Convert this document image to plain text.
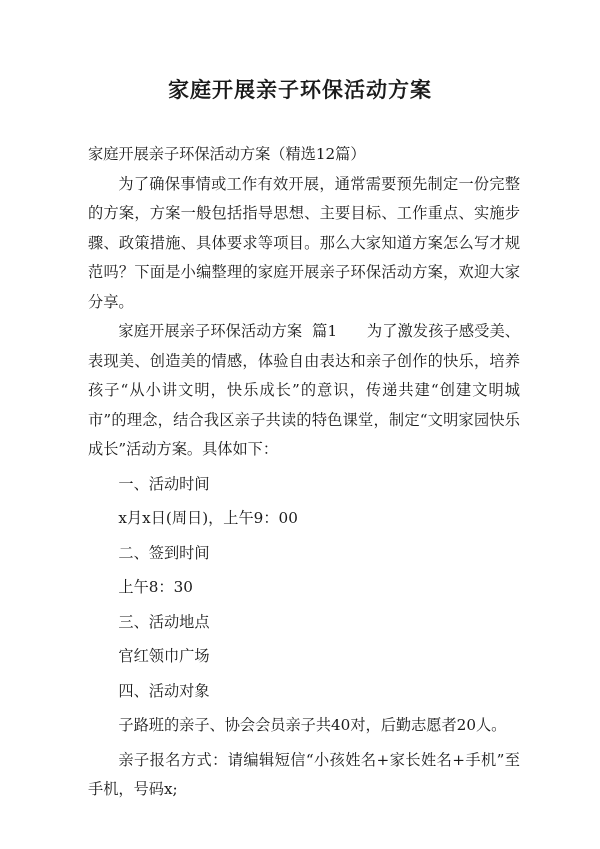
家庭开展亲子环保活动方案

家庭开展亲子环保活动方案（精选12篇）

为了确保事情或工作有效开展，通常需要预先制定一份完整的方案，方案一般包括指导思想、主要目标、工作重点、实施步骤、政策措施、具体要求等项目。那么大家知道方案怎么写才规范吗？下面是小编整理的家庭开展亲子环保活动方案，欢迎大家分享。

家庭开展亲子环保活动方案  篇1      为了激发孩子感受美、表现美、创造美的情感，体验自由表达和亲子创作的快乐，培养孩子“从小讲文明，快乐成长”的意识，传递共建“创建文明城市”的理念，结合我区亲子共读的特色课堂，制定“文明家园快乐成长”活动方案。具体如下：

一、活动时间

x月x日(周日)，上午9：00

二、签到时间

上午8：30

三、活动地点

官红领巾广场

四、活动对象

子路班的亲子、协会会员亲子共40对，后勤志愿者20人。

亲子报名方式：请编辑短信“小孩姓名+家长姓名+手机”至手机，号码x;
